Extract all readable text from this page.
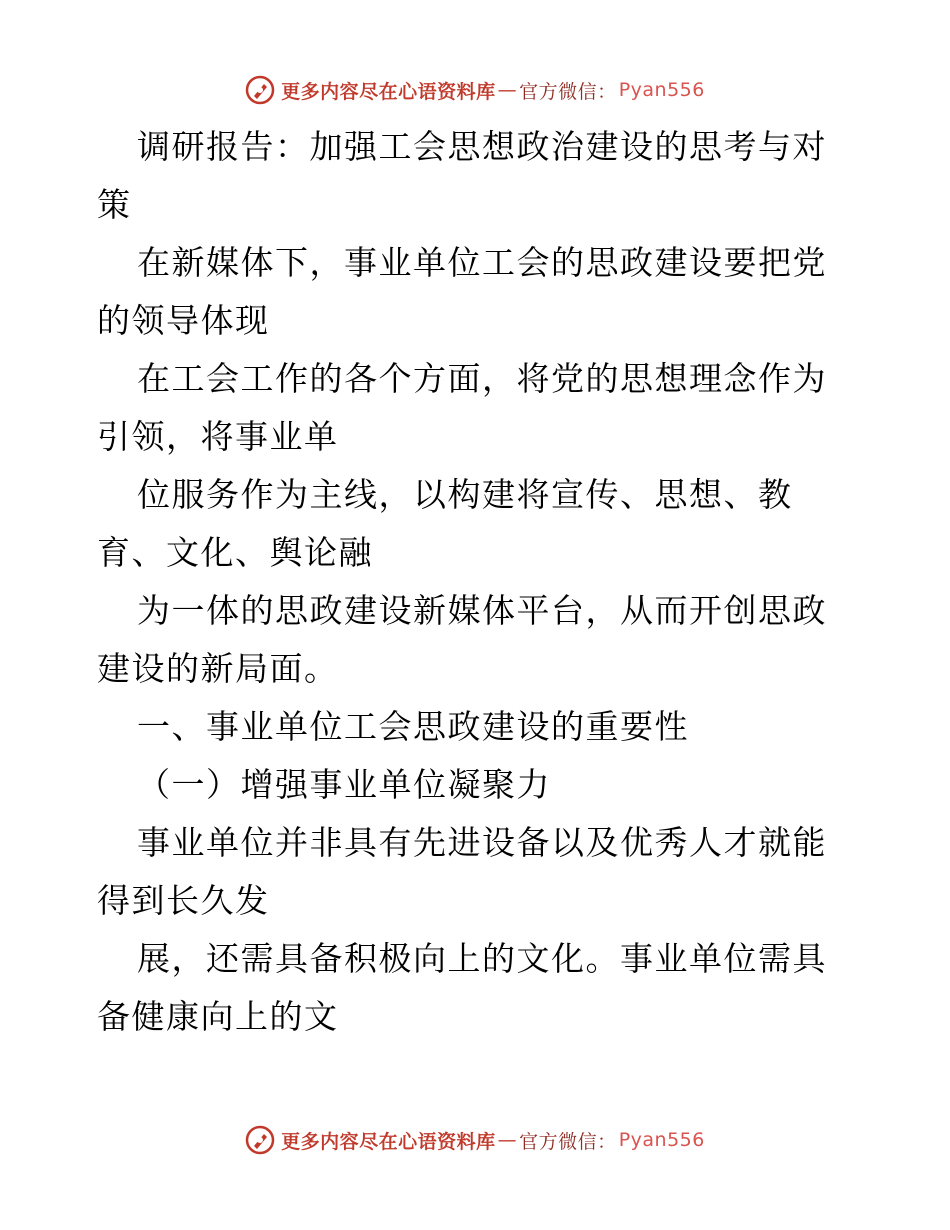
更多内容尽在心语资料库 — 官方微信： Pyan556

调研报告：加强工会思想政治建设的思考与对策

在新媒体下，事业单位工会的思政建设要把党的领导体现

在工会工作的各个方面，将党的思想理念作为引领，将事业单

位服务作为主线，以构建将宣传、思想、教育、文化、舆论融

为一体的思政建设新媒体平台，从而开创思政建设的新局面。

一、事业单位工会思政建设的重要性

（一）增强事业单位凝聚力

事业单位并非具有先进设备以及优秀人才就能得到长久发

展，还需具备积极向上的文化。事业单位需具备健康向上的文

更多内容尽在心语资料库 — 官方微信： Pyan556
